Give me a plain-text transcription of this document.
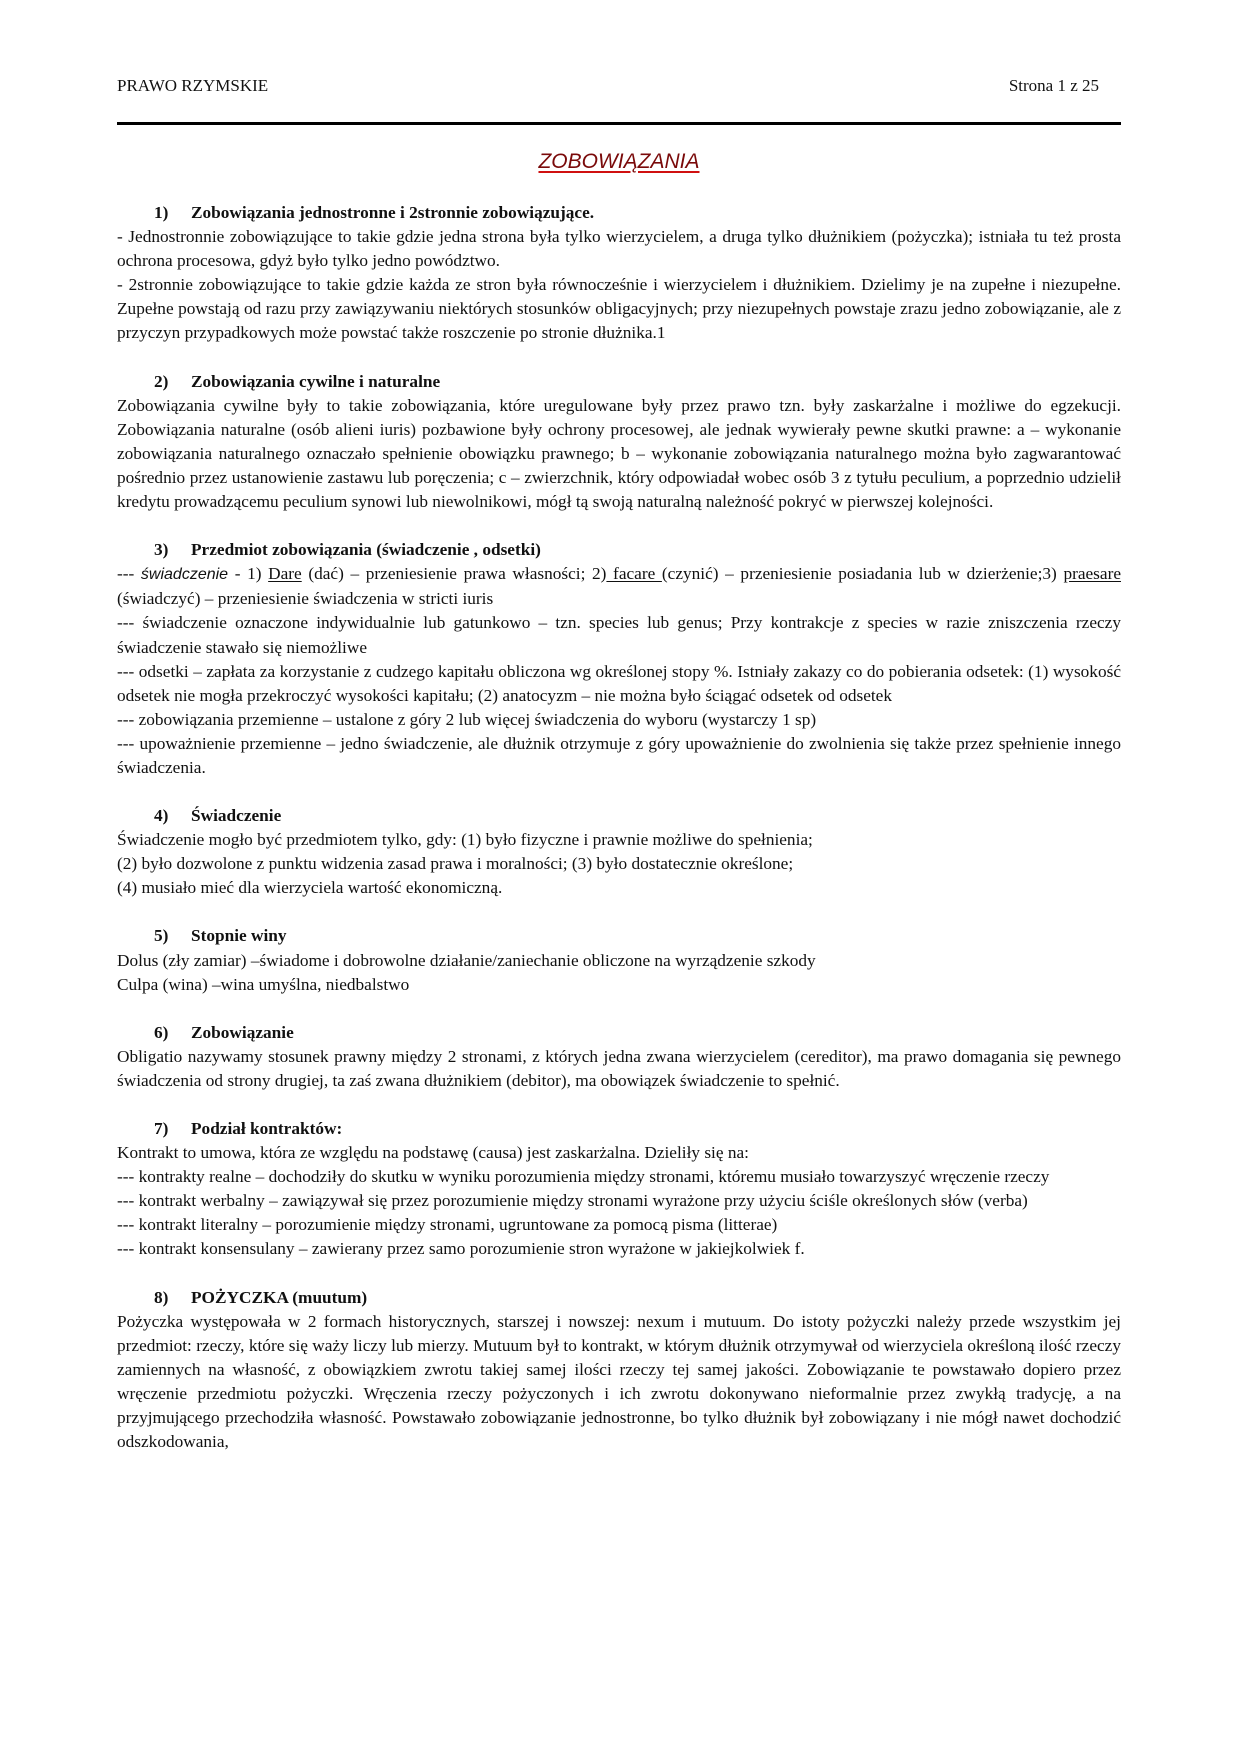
PRAWO RZYMSKIE	Strona 1 z 25
ZOBOWIĄZANIA
1) Zobowiązania jednostronne i 2stronnie zobowiązujące.

- Jednostronnie zobowiązujące to takie gdzie jedna strona była tylko wierzycielem, a druga tylko dłużnikiem (pożyczka); istniała tu też prosta ochrona procesowa, gdyż było tylko jedno powództwo.

- 2stronnie zobowiązujące to takie gdzie każda ze stron była równocześnie i wierzycielem i dłużnikiem. Dzielimy je na zupełne i niezupełne. Zupełne powstają od razu przy zawiązywaniu niektórych stosunków obligacyjnych; przy niezupełnych powstaje zrazu jedno zobowiązanie, ale z przyczyn przypadkowych może powstać także roszczenie po stronie dłużnika.1

2) Zobowiązania cywilne i naturalne

Zobowiązania cywilne były to takie zobowiązania, które uregulowane były przez prawo tzn. były zaskarżalne i możliwe do egzekucji. Zobowiązania naturalne (osób alieni iuris) pozbawione były ochrony procesowej, ale jednak wywierały pewne skutki prawne: a – wykonanie zobowiązania naturalnego oznaczało spełnienie obowiązku prawnego; b – wykonanie zobowiązania naturalnego można było zagwarantować pośrednio przez ustanowienie zastawu lub poręczenia; c – zwierzchnik, który odpowiadał wobec osób 3 z tytułu peculium, a poprzednio udzielił kredytu prowadzącemu peculium synowi lub niewolnikowi, mógł tą swoją naturalną należność pokryć w pierwszej kolejności.

3) Przedmiot zobowiązania (świadczenie , odsetki)

--- świadczenie - 1) Dare (dać) – przeniesienie prawa własności; 2) facare (czynić) – przeniesienie posiadania lub w dzierżenie;3) praesare (świadczyć) – przeniesienie świadczenia w stricti iuris

--- świadczenie oznaczone indywidualnie lub gatunkowo – tzn. species lub genus; Przy kontrakcje z species w razie zniszczenia rzeczy świadczenie stawało się niemożliwe

--- odsetki – zapłata za korzystanie z cudzego kapitału obliczona wg określonej stopy %. Istniały zakazy co do pobierania odsetek: (1) wysokość odsetek nie mogła przekroczyć wysokości kapitału; (2) anatocyzm – nie można było ściągać odsetek od odsetek

--- zobowiązania przemienne – ustalone z góry 2 lub więcej świadczenia do wyboru (wystarczy 1 sp)

--- upoważnienie przemienne – jedno świadczenie, ale dłużnik otrzymuje z góry upoważnienie do zwolnienia się także przez spełnienie innego świadczenia.

4) Świadczenie

Świadczenie mogło być przedmiotem tylko, gdy: (1) było fizyczne i prawnie możliwe do spełnienia;

(2) było dozwolone z punktu widzenia zasad prawa i moralności; (3) było dostatecznie określone;

(4) musiało mieć dla wierzyciela wartość ekonomiczną.

5) Stopnie winy

Dolus (zły zamiar) –świadome i dobrowolne działanie/zaniechanie obliczone na wyrządzenie szkody

Culpa (wina) –wina umyślna, niedbalstwo

6) Zobowiązanie

Obligatio nazywamy stosunek prawny między 2 stronami, z których jedna zwana wierzycielem (cereditor), ma prawo domagania się pewnego świadczenia od strony drugiej, ta zaś zwana dłużnikiem (debitor), ma obowiązek świadczenie to spełnić.

7) Podział kontraktów:

Kontrakt to umowa, która ze względu na podstawę (causa) jest zaskarżalna. Dzieliły się na:

--- kontrakty realne – dochodziły do skutku w wyniku porozumienia między stronami, któremu musiało towarzyszyć wręczenie rzeczy

--- kontrakt werbalny – zawiązywał się przez porozumienie między stronami wyrażone przy użyciu ściśle określonych słów (verba)

--- kontrakt literalny – porozumienie między stronami, ugruntowane za pomocą pisma (litterae)

--- kontrakt konsensulany – zawierany przez samo porozumienie stron wyrażone w jakiejkolwiek f.

8) POŻYCZKA (muutum)

Pożyczka występowała w 2 formach historycznych, starszej i nowszej: nexum i mutuum. Do istoty pożyczki należy przede wszystkim jej przedmiot: rzeczy, które się waży liczy lub mierzy. Mutuum był to kontrakt, w którym dłużnik otrzymywał od wierzyciela określoną ilość rzeczy zamiennych na własność, z obowiązkiem zwrotu takiej samej ilości rzeczy tej samej jakości. Zobowiązanie te powstawało dopiero przez wręczenie przedmiotu pożyczki. Wręczenia rzeczy pożyczonych i ich zwrotu dokonywano nieformalnie przez zwykłą tradycję, a na przyjmującego przechodziła własność. Powstawało zobowiązanie jednostronne, bo tylko dłużnik był zobowiązany i nie mógł nawet dochodzić odszkodowania,
